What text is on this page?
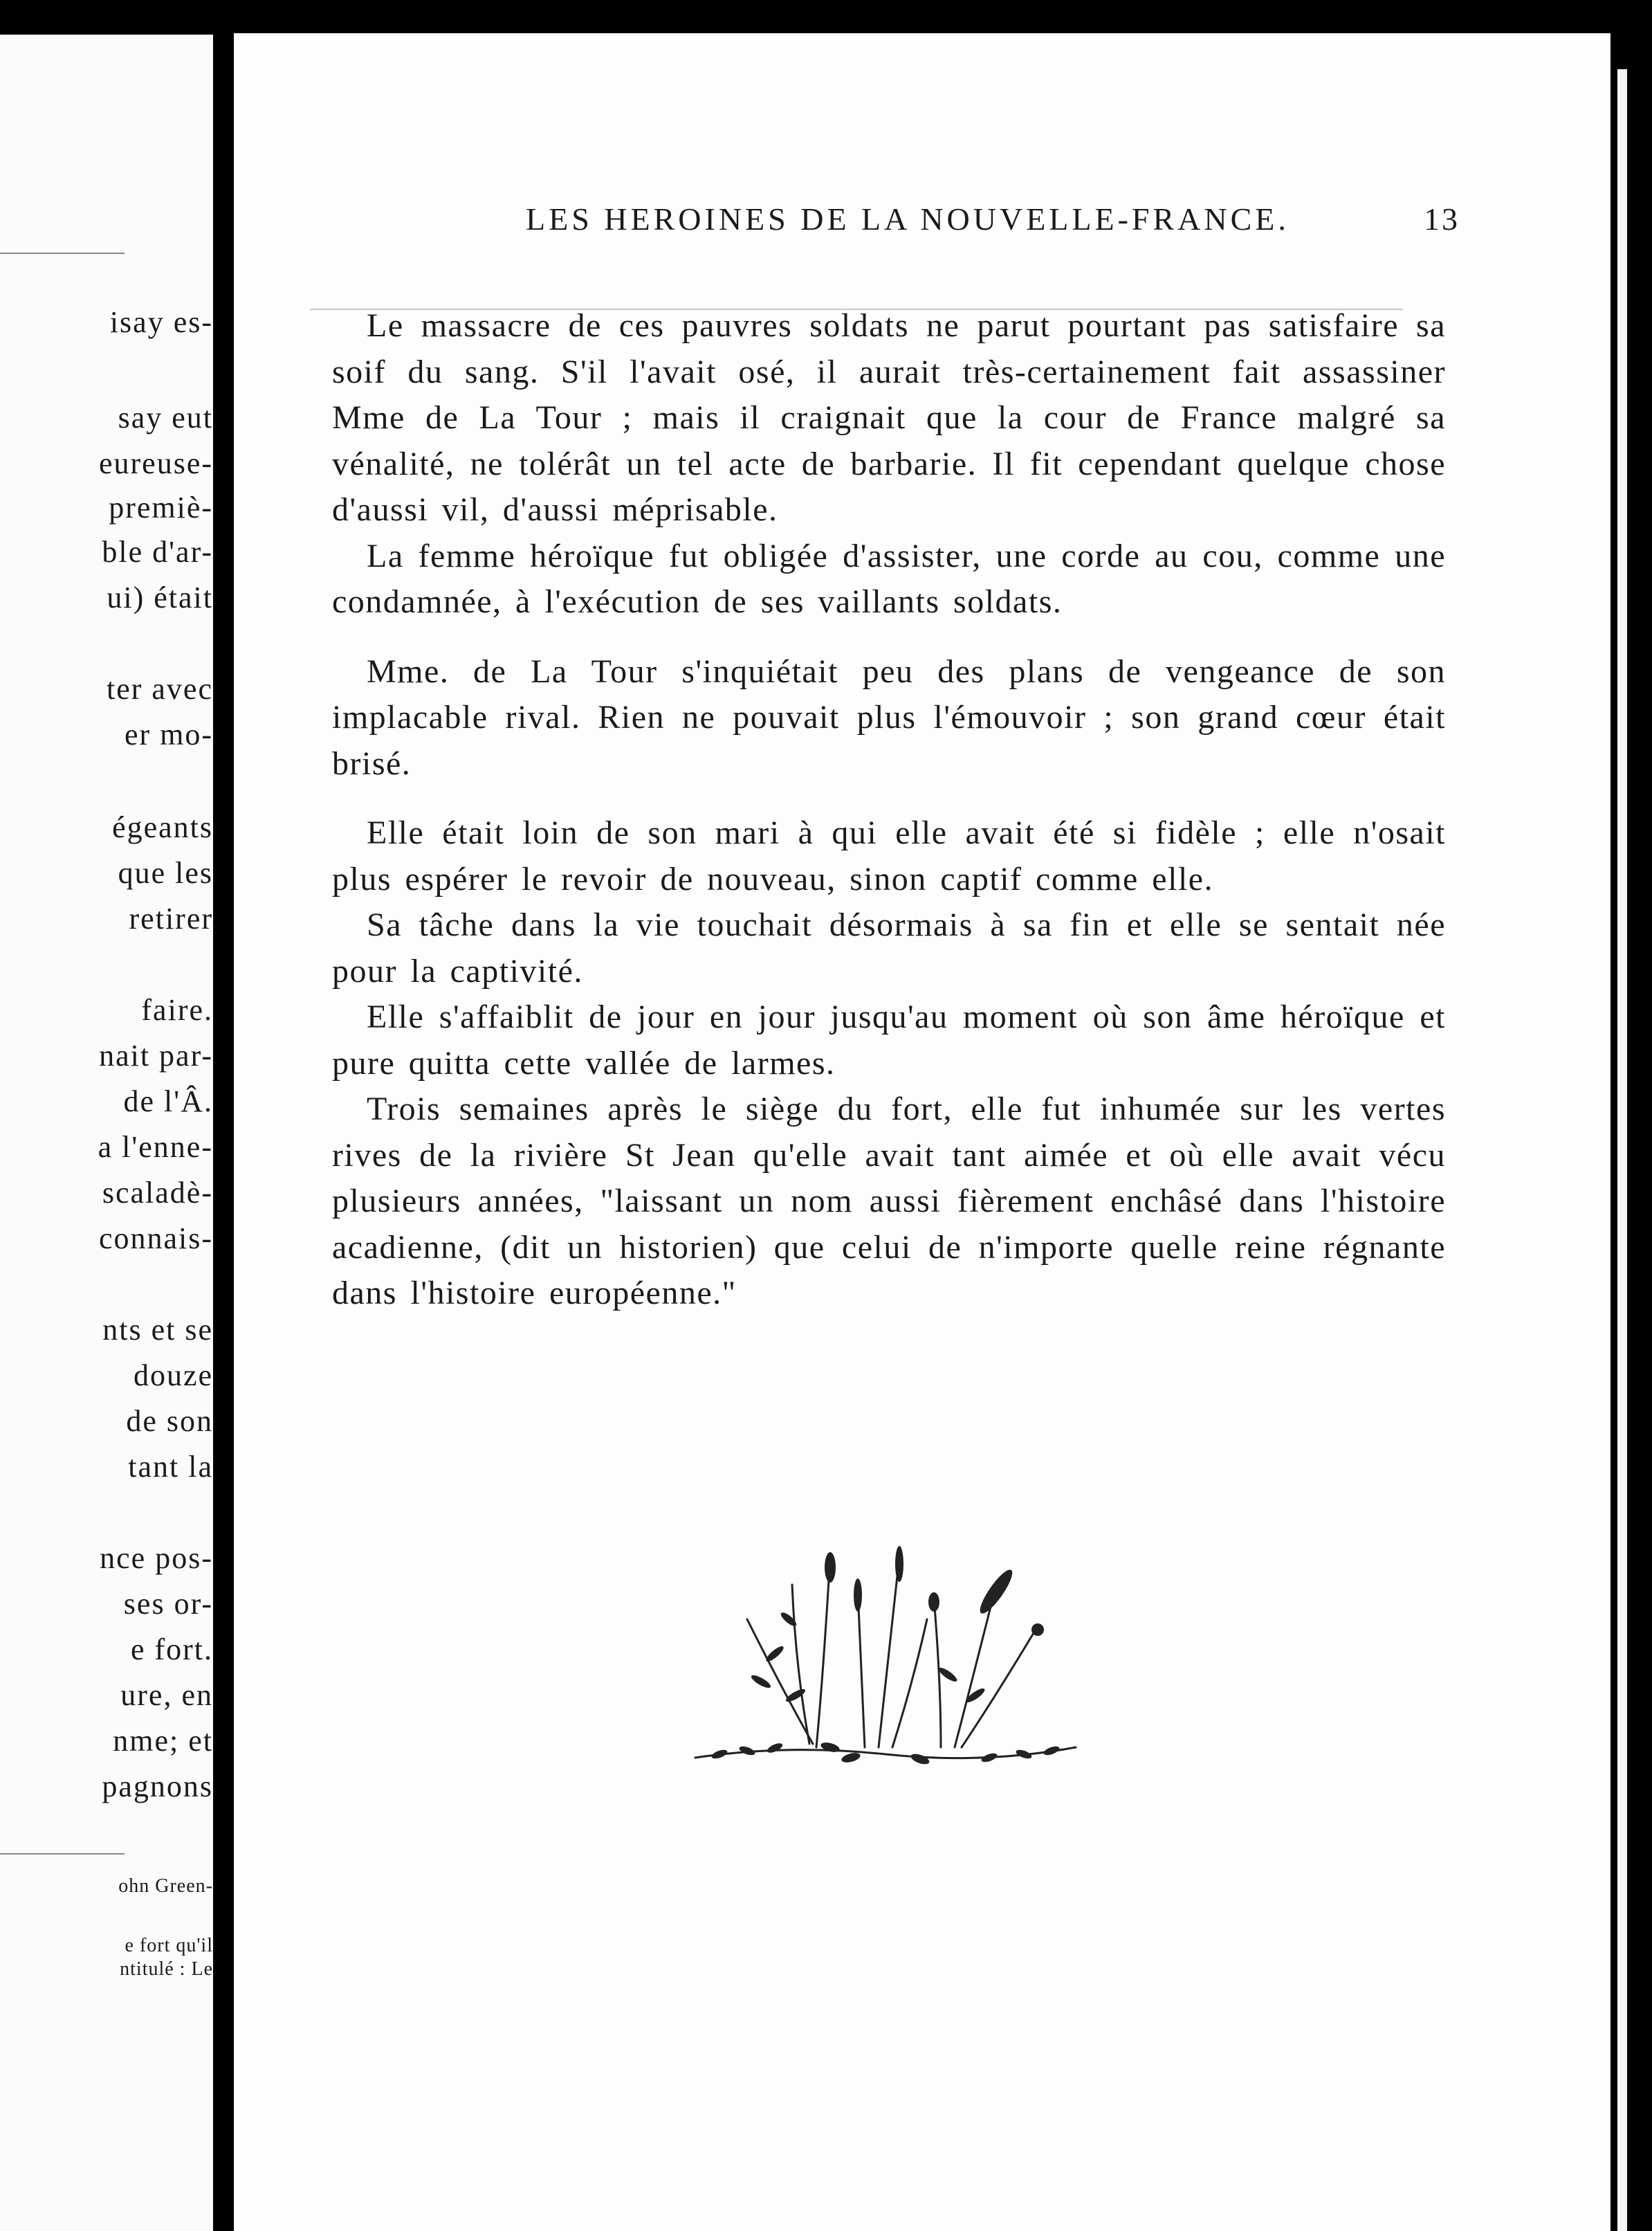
isay es-
say eut
eureuse-
premiè-
ble d'ar-
ui) était
ter avec
er mo-
égeants
que les
retirer
faire.
nait par-
de l'Â.
a l'enne-
scaladè-
connais-
nts et se
douze
de son
tant la
nce pos-
ses or-
e fort.
ure, en
nme; et
pagnons
ohn Green-
e fort qu'il
ntitulé : Le
LES HEROINES DE LA NOUVELLE-FRANCE.	13

Le massacre de ces pauvres soldats ne parut pourtant pas satisfaire sa soif du sang. S'il l'avait osé, il aurait très-certainement fait assassiner Mme de La Tour ; mais il craignait que la cour de France malgré sa vénalité, ne tolérât un tel acte de barbarie. Il fit cependant quelque chose d'aussi vil, d'aussi méprisable.

La femme héroïque fut obligée d'assister, une corde au cou, comme une condamnée, à l'exécution de ses vaillants soldats.

Mme. de La Tour s'inquiétait peu des plans de vengeance de son implacable rival. Rien ne pouvait plus l'émouvoir ; son grand cœur était brisé.

Elle était loin de son mari à qui elle avait été si fidèle ; elle n'osait plus espérer le revoir de nouveau, sinon captif comme elle.

Sa tâche dans la vie touchait désormais à sa fin et elle se sentait née pour la captivité.

Elle s'affaiblit de jour en jour jusqu'au moment où son âme héroïque et pure quitta cette vallée de larmes.

Trois semaines après le siège du fort, elle fut inhumée sur les vertes rives de la rivière St Jean qu'elle avait tant aimée et où elle avait vécu plusieurs années, "laissant un nom aussi fièrement enchâsé dans l'histoire acadienne, (dit un historien) que celui de n'importe quelle reine régnante dans l'histoire européenne."
